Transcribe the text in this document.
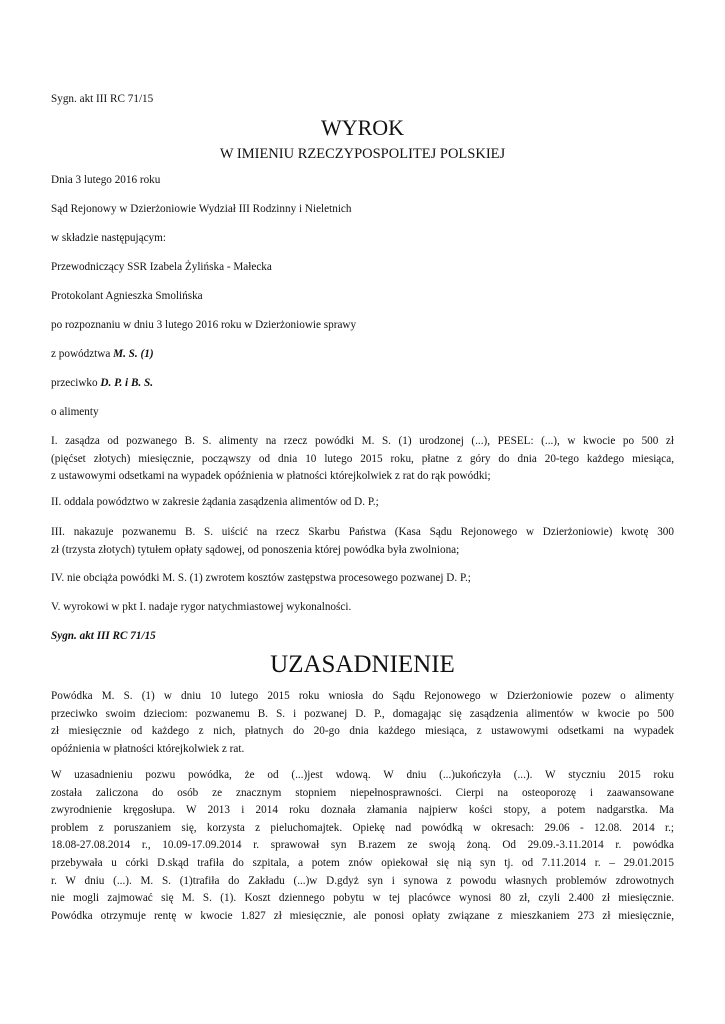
Sygn. akt III RC 71/15

WYROK
W IMIENIU RZECZYPOSPOLITEJ POLSKIEJ

Dnia 3 lutego 2016 roku

Sąd Rejonowy w Dzierżoniowie Wydział III Rodzinny i Nieletnich

w składzie następującym:

Przewodniczący SSR Izabela Żylińska - Małecka

Protokolant Agnieszka Smolińska

po rozpoznaniu w dniu 3 lutego 2016 roku w Dzierżoniowie sprawy

z powództwa M. S. (1)

przeciwko D. P. i B. S.

o alimenty

I. zasądza od pozwanego B. S. alimenty na rzecz powódki M. S. (1) urodzonej (...), PESEL: (...), w kwocie po 500 zł
(pięćset złotych) miesięcznie, począwszy od dnia 10 lutego 2015 roku, płatne z góry do dnia 20-tego każdego miesiąca,
z ustawowymi odsetkami na wypadek opóźnienia w płatności którejkolwiek z rat do rąk powódki;
II. oddala powództwo w zakresie żądania zasądzenia alimentów od D. P.;
III. nakazuje pozwanemu B. S. uiścić na rzecz Skarbu Państwa (Kasa Sądu Rejonowego w Dzierżoniowie) kwotę 300
zł (trzysta złotych) tytułem opłaty sądowej, od ponoszenia której powódka była zwolniona;
IV. nie obciąża powódki M. S. (1) zwrotem kosztów zastępstwa procesowego pozwanej D. P.;
V. wyrokowi w pkt I. nadaje rygor natychmiastowej wykonalności.

Sygn. akt III RC 71/15

UZASADNIENIE
Powódka M. S. (1) w dniu 10 lutego 2015 roku wniosła do Sądu Rejonowego w Dzierżoniowie pozew o alimenty
przeciwko swoim dzieciom: pozwanemu B. S. i pozwanej D. P., domagając się zasądzenia alimentów w kwocie po 500
zł miesięcznie od każdego z nich, płatnych do 20-go dnia każdego miesiąca, z ustawowymi odsetkami na wypadek
opóźnienia w płatności którejkolwiek z rat.
W uzasadnieniu pozwu powódka, że od (...)jest wdową. W dniu (...)ukończyła (...). W styczniu 2015 roku
została zaliczona do osób ze znacznym stopniem niepełnosprawności. Cierpi na osteoporozę i zaawansowane
zwyrodnienie kręgosłupa. W 2013 i 2014 roku doznała złamania najpierw kości stopy, a potem nadgarstka. Ma
problem z poruszaniem się, korzysta z pieluchomajtek. Opiekę nad powódką w okresach: 29.06 - 12.08. 2014 r.;
18.08-27.08.2014 r., 10.09-17.09.2014 r. sprawował syn B.razem ze swoją żoną. Od 29.09.-3.11.2014 r. powódka
przebywała u córki D.skąd trafiła do szpitala, a potem znów opiekował się nią syn tj. od 7.11.2014 r. – 29.01.2015
r. W dniu (...). M. S. (1)trafiła do Zakładu (...)w D.gdyż syn i synowa z powodu własnych problemów zdrowotnych
nie mogli zajmować się M. S. (1). Koszt dziennego pobytu w tej placówce wynosi 80 zł, czyli 2.400 zł miesięcznie.
Powódka otrzymuje rentę w kwocie 1.827 zł miesięcznie, ale ponosi opłaty związane z mieszkaniem 273 zł miesięcznie,
